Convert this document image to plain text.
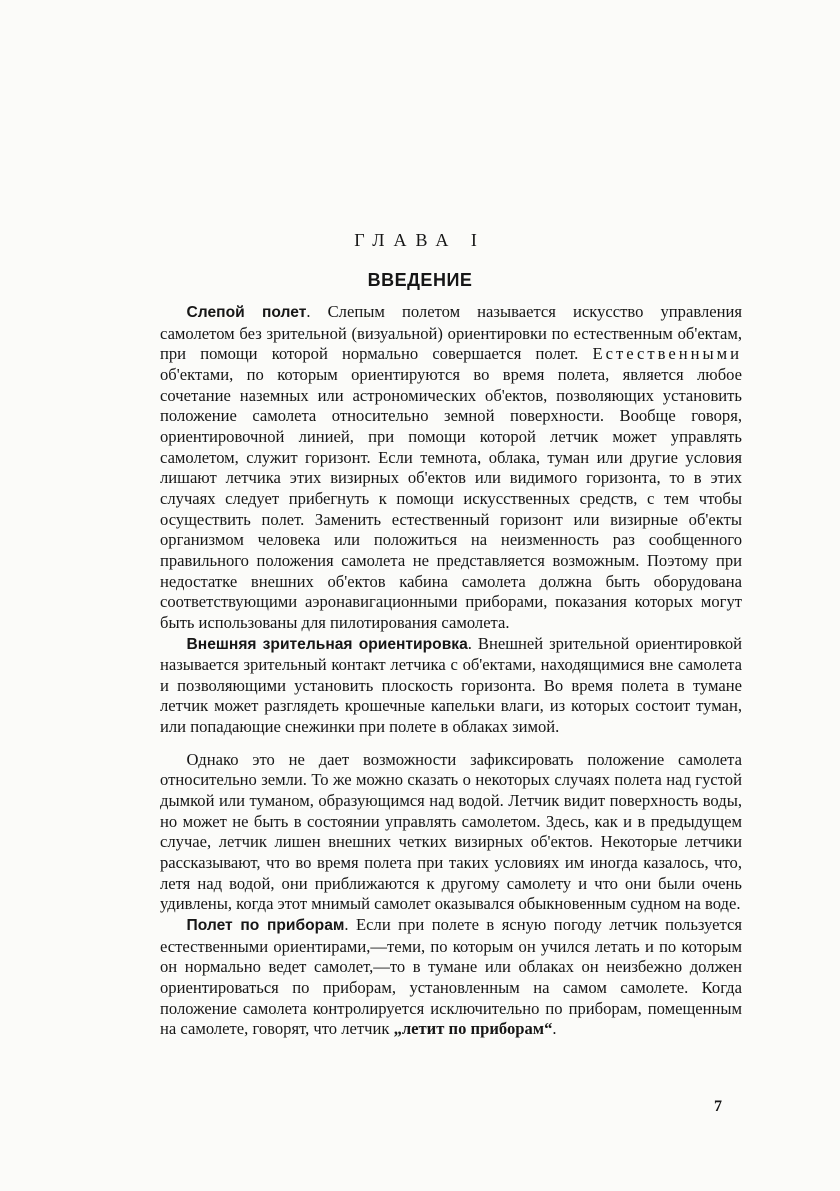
ГЛАВА I
ВВЕДЕНИЕ

Слепой полет. Слепым полетом называется искусство управления самолетом без зрительной (визуальной) ориентировки по естественным об'ектам, при помощи которой нормально совершается полет. Естественными об'ектами, по которым ориентируются во время полета, является любое сочетание наземных или астрономических об'ектов, позволяющих установить положение самолета относительно земной поверхности. Вообще говоря, ориентировочной линией, при помощи которой летчик может управлять самолетом, служит горизонт. Если темнота, облака, туман или другие условия лишают летчика этих визирных об'ектов или видимого горизонта, то в этих случаях следует прибегнуть к помощи искусственных средств, с тем чтобы осуществить полет. Заменить естественный горизонт или визирные об'екты организмом человека или положиться на неизменность раз сообщенного правильного положения самолета не представляется возможным. Поэтому при недостатке внешних об'ектов кабина самолета должна быть оборудована соответствующими аэронавигационными приборами, показания которых могут быть использованы для пилотирования самолета.

Внешняя зрительная ориентировка. Внешней зрительной ориентировкой называется зрительный контакт летчика с об'ектами, находящимися вне самолета и позволяющими установить плоскость горизонта. Во время полета в тумане летчик может разглядеть крошечные капельки влаги, из которых состоит туман, или попадающие снежинки при полете в облаках зимой.

Однако это не дает возможности зафиксировать положение самолета относительно земли. То же можно сказать о некоторых случаях полета над густой дымкой или туманом, образующимся над водой. Летчик видит поверхность воды, но может не быть в состоянии управлять самолетом. Здесь, как и в предыдущем случае, летчик лишен внешних четких визирных об'ектов. Некоторые летчики рассказывают, что во время полета при таких условиях им иногда казалось, что, летя над водой, они приближаются к другому самолету и что они были очень удивлены, когда этот мнимый самолет оказывался обыкновенным судном на воде.

Полет по приборам. Если при полете в ясную погоду летчик пользуется естественными ориентирами,—теми, по которым он учился летать и по которым он нормально ведет самолет,—то в тумане или облаках он неизбежно должен ориентироваться по приборам, установленным на самом самолете. Когда положение самолета контролируется исключительно по приборам, помещенным на самолете, говорят, что летчик „летит по приборам“.

7
